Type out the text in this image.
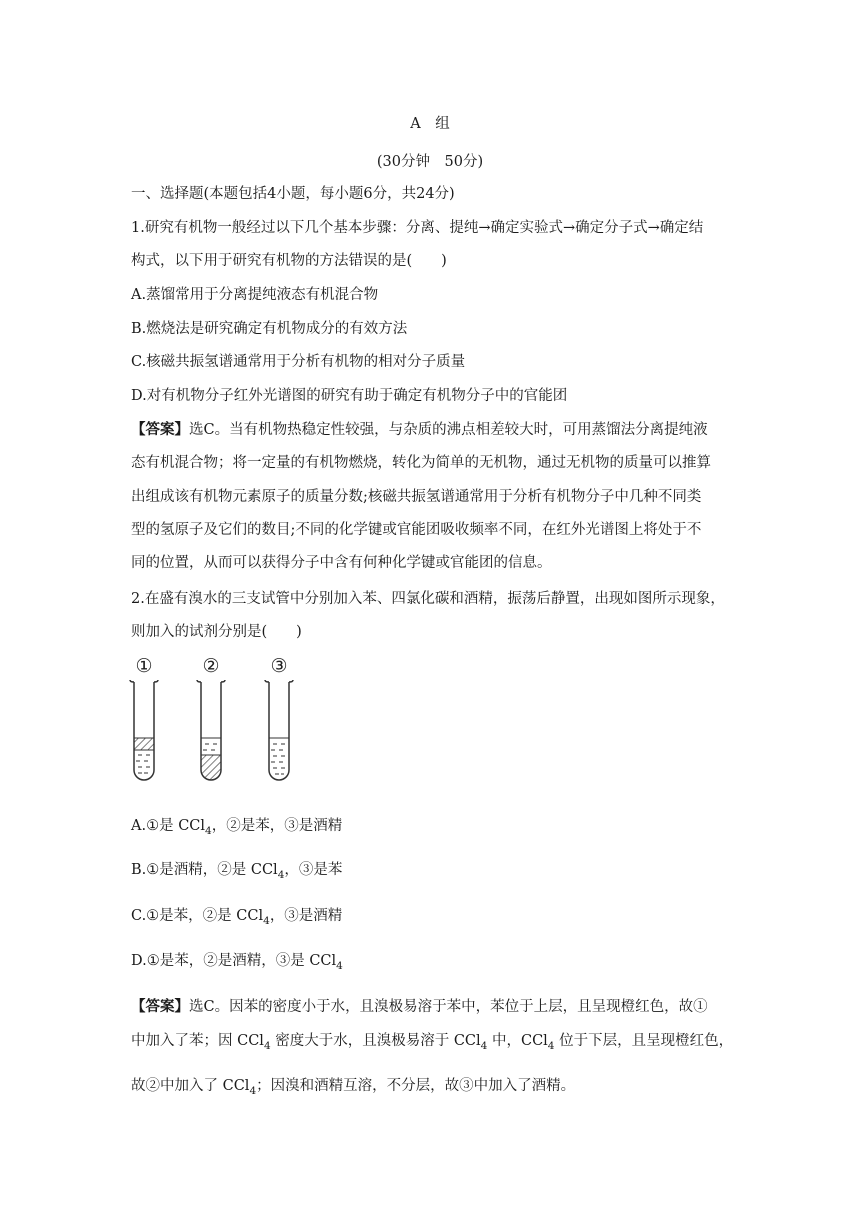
A　组
(30分钟　50分)
一、选择题(本题包括4小题，每小题6分，共24分)
1.研究有机物一般经过以下几个基本步骤：分离、提纯→确定实验式→确定分子式→确定结
构式，以下用于研究有机物的方法错误的是(　　)
A.蒸馏常用于分离提纯液态有机混合物
B.燃烧法是研究确定有机物成分的有效方法
C.核磁共振氢谱通常用于分析有机物的相对分子质量
D.对有机物分子红外光谱图的研究有助于确定有机物分子中的官能团
【答案】选C。当有机物热稳定性较强，与杂质的沸点相差较大时，可用蒸馏法分离提纯液
态有机混合物；将一定量的有机物燃烧，转化为简单的无机物，通过无机物的质量可以推算
出组成该有机物元素原子的质量分数;核磁共振氢谱通常用于分析有机物分子中几种不同类
型的氢原子及它们的数目;不同的化学键或官能团吸收频率不同，在红外光谱图上将处于不
同的位置，从而可以获得分子中含有何种化学键或官能团的信息。
2.在盛有溴水的三支试管中分别加入苯、四氯化碳和酒精，振荡后静置，出现如图所示现象，
则加入的试剂分别是(　　)
①	②	③
A.①是 CCl$_4$，②是苯，③是酒精
B.①是酒精，②是 CCl$_4$，③是苯
C.①是苯，②是 CCl$_4$，③是酒精
D.①是苯，②是酒精，③是 CCl$_4$
【答案】选C。因苯的密度小于水，且溴极易溶于苯中，苯位于上层，且呈现橙红色，故①
中加入了苯；因 CCl$_4$ 密度大于水，且溴极易溶于 CCl$_4$ 中，CCl$_4$ 位于下层，且呈现橙红色，
故②中加入了 CCl$_4$；因溴和酒精互溶，不分层，故③中加入了酒精。
